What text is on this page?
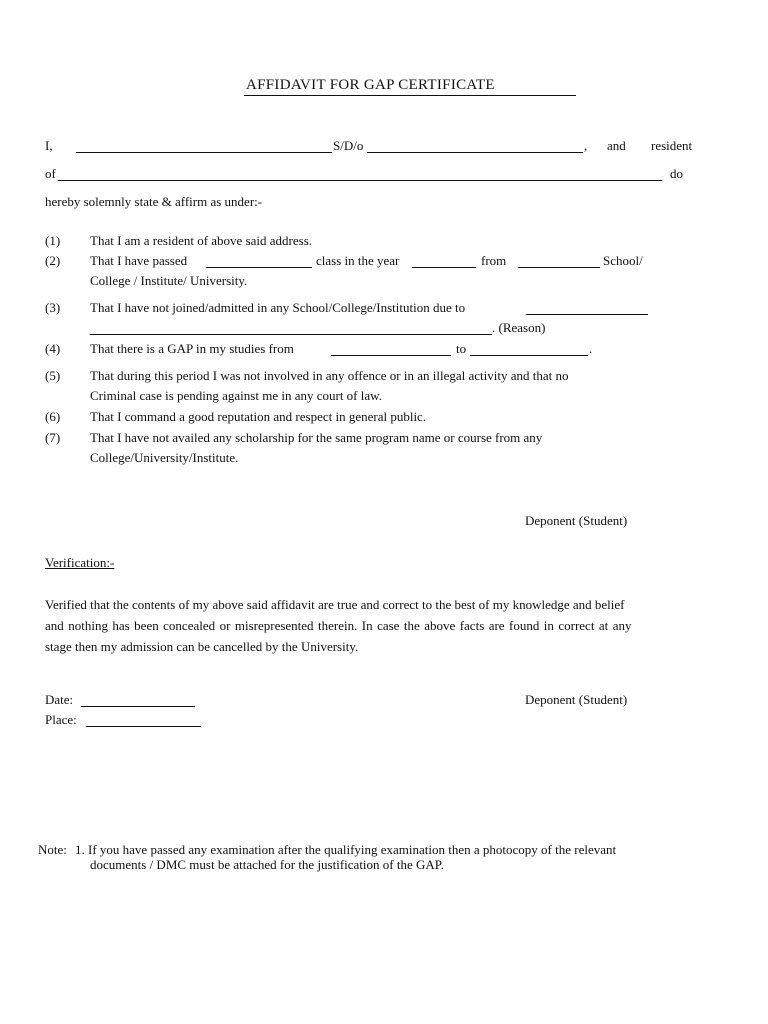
AFFIDAVIT FOR GAP CERTIFICATE
I,	S/D/o	, and resident
of	do
hereby solemnly state & affirm as under:-
(1) That I am a resident of above said address.
(2) That I have passed	class in the year	from	School/
College / Institute/ University.
(3) That I have not joined/admitted in any School/College/Institution due to
. (Reason)
(4) That there is a GAP in my studies from	to	.
(5) That during this period I was not involved in any offence or in an illegal activity and that no
Criminal case is pending against me in any court of law.
(6) That I command a good reputation and respect in general public.
(7) That I have not availed any scholarship for the same program name or course from any
College/University/Institute.
Deponent (Student)
Verification:-
Verified that the contents of my above said affidavit are true and correct to the best of my knowledge and belief
and nothing has been concealed or misrepresented therein. In case the above facts are found in correct at any
stage then my admission can be cancelled by the University.
Date:	Deponent (Student)
Place:
Note: 1. If you have passed any examination after the qualifying examination then a photocopy of the relevant
documents / DMC must be attached for the justification of the GAP.
